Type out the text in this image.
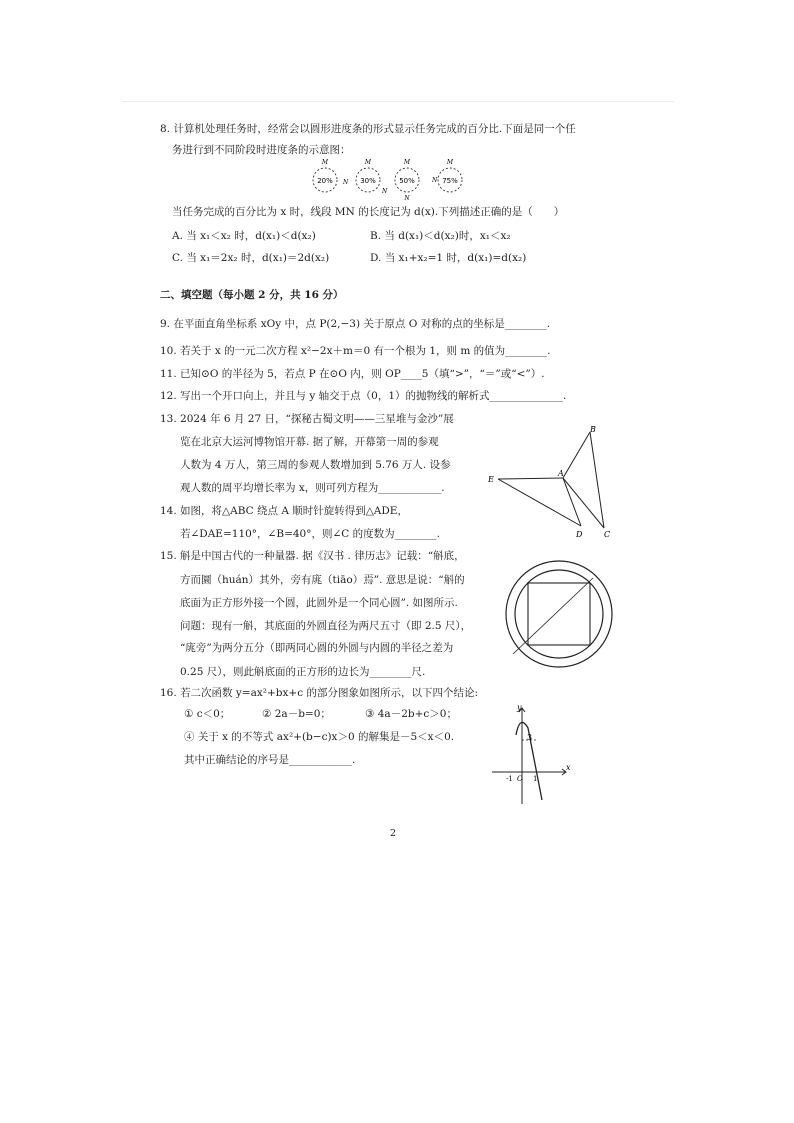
8. 计算机处理任务时，经常会以圆形进度条的形式显示任务完成的百分比.下面是同一个任
务进行到不同阶段时进度条的示意图：
20%
M
N 30%
M
N
50%
M
N
75%
M
N
当任务完成的百分比为 x 时，线段 MN 的长度记为 d(x).下列描述正确的是（　　）
A. 当 x₁＜x₂ 时，d(x₁)＜d(x₂)	B. 当 d(x₁)＜d(x₂)时，x₁＜x₂
C. 当 x₁＝2x₂ 时，d(x₁)＝2d(x₂)	D. 当 x₁+x₂=1 时，d(x₁)=d(x₂)
二、填空题（每小题 2 分，共 16 分）
9. 在平面直角坐标系 xOy 中，点 P(2,−3) 关于原点 O 对称的点的坐标是________.
10. 若关于 x 的一元二次方程 x²−2x＋m＝0 有一个根为 1，则 m 的值为________.
11. 已知⊙O 的半径为 5，若点 P 在⊙O 内，则 OP____5（填“>”，“＝”或“<”）.
12. 写出一个开口向上，并且与 y 轴交于点（0，1）的抛物线的解析式______________.
13. 2024 年 6 月 27 日，“探秘古蜀文明——三星堆与金沙”展
览在北京大运河博物馆开幕. 据了解，开幕第一周的参观
人数为 4 万人，第三周的参观人数增加到 5.76 万人. 设参
观人数的周平均增长率为 x，则可列方程为____________.
14. 如图，将△ABC 绕点 A 顺时针旋转得到△ADE，
若∠DAE=110°，∠B=40°，则∠C 的度数为________.
B
E
A
D	C
15. 斛是中国古代的一种量器. 据《汉书 . 律历志》记载：“斛底，
方而圜（huán）其外，旁有庣（tiāo）焉”. 意思是说：“斛的
底面为正方形外接一个圆，此圆外是一个同心圆”. 如图所示.
问题：现有一斛，其底面的外圆直径为两尺五寸（即 2.5 尺），
“庣旁”为两分五分（即两同心圆的外圆与内圆的半径之差为
0.25 尺），则此斛底面的正方形的边长为________尺.
16. 若二次函数 y=ax²+bx+c 的部分图象如图所示，以下四个结论:
① c＜0；	② 2a－b=0；	③ 4a－2b+c＞0；
④ 关于 x 的不等式 ax²+(b−c)x＞0 的解集是－5＜x＜0.
其中正确结论的序号是____________.
y
x
3
-1 O 1
2
